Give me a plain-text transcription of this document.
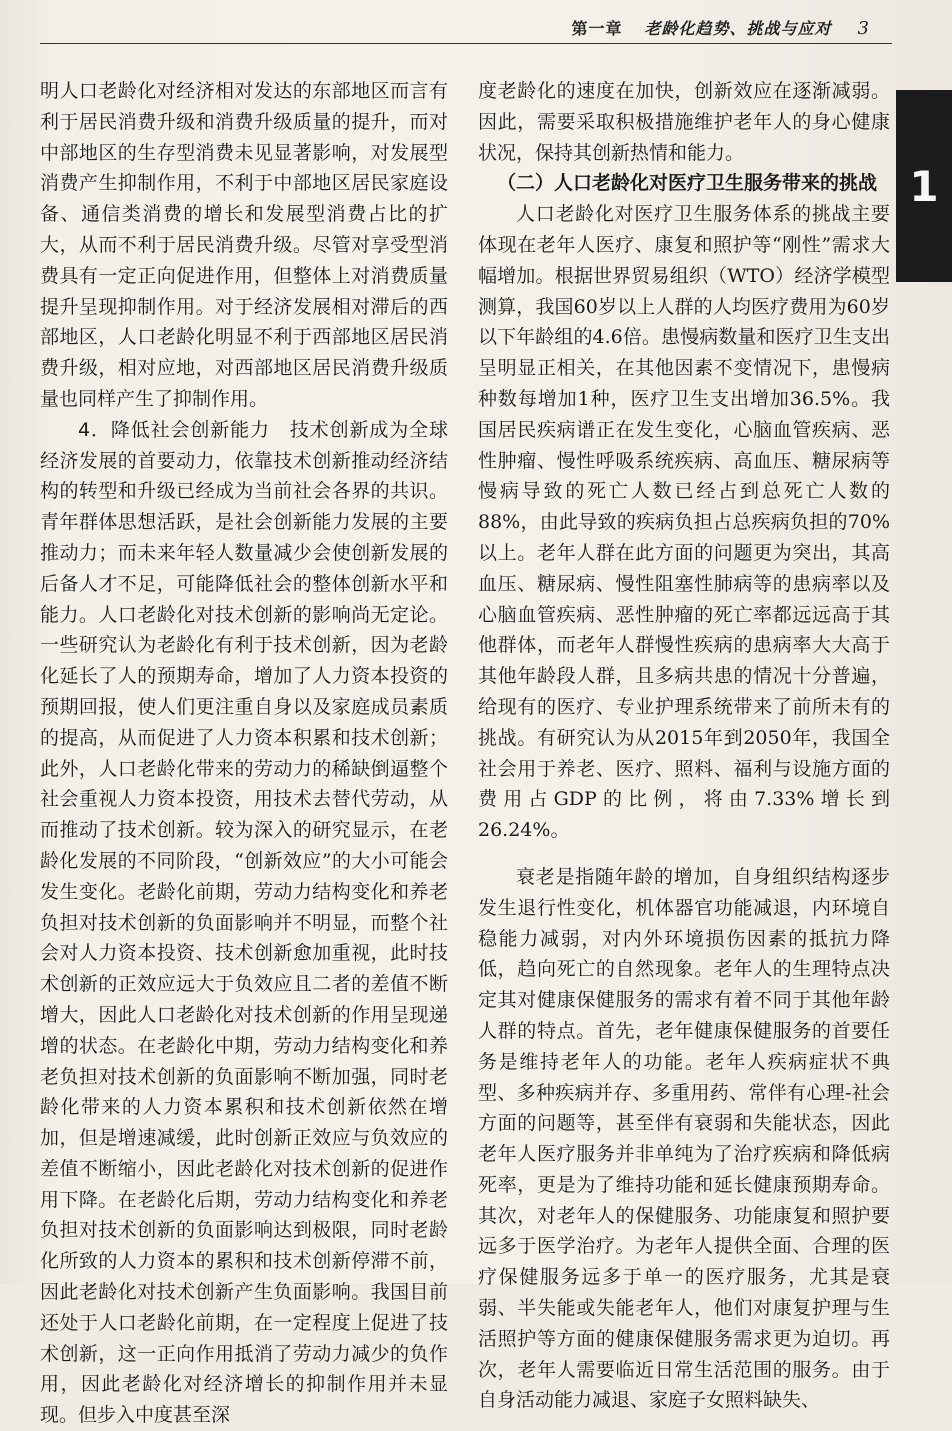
第一章 老龄化趋势、挑战与应对 3
1

明人口老龄化对经济相对发达的东部地区而言有利于居民消费升级和消费升级质量的提升，而对中部地区的生存型消费未见显著影响，对发展型消费产生抑制作用，不利于中部地区居民家庭设备、通信类消费的增长和发展型消费占比的扩大，从而不利于居民消费升级。尽管对享受型消费具有一定正向促进作用，但整体上对消费质量提升呈现抑制作用。对于经济发展相对滞后的西部地区，人口老龄化明显不利于西部地区居民消费升级，相对应地，对西部地区居民消费升级质量也同样产生了抑制作用。

4．降低社会创新能力　 技术创新成为全球经济发展的首要动力，依靠技术创新推动经济结构的转型和升级已经成为当前社会各界的共识。青年群体思想活跃，是社会创新能力发展的主要推动力；而未来年轻人数量减少会使创新发展的后备人才不足，可能降低社会的整体创新水平和能力。人口老龄化对技术创新的影响尚无定论。一些研究认为老龄化有利于技术创新，因为老龄化延长了人的预期寿命，增加了人力资本投资的预期回报，使人们更注重自身以及家庭成员素质的提高，从而促进了人力资本积累和技术创新；此外，人口老龄化带来的劳动力的稀缺倒逼整个社会重视人力资本投资，用技术去替代劳动，从而推动了技术创新。较为深入的研究显示，在老龄化发展的不同阶段，“创新效应”的大小可能会发生变化。老龄化前期，劳动力结构变化和养老负担对技术创新的负面影响并不明显，而整个社会对人力资本投资、技术创新愈加重视，此时技术创新的正效应远大于负效应且二者的差值不断增大，因此人口老龄化对技术创新的作用呈现递增的状态。在老龄化中期，劳动力结构变化和养老负担对技术创新的负面影响不断加强，同时老龄化带来的人力资本累积和技术创新依然在增加，但是增速减缓，此时创新正效应与负效应的差值不断缩小，因此老龄化对技术创新的促进作用下降。在老龄化后期，劳动力结构变化和养老负担对技术创新的负面影响达到极限，同时老龄化所致的人力资本的累积和技术创新停滞不前，因此老龄化对技术创新产生负面影响。我国目前还处于人口老龄化前期，在一定程度上促进了技术创新，这一正向作用抵消了劳动力减少的负作用，因此老龄化对经济增长的抑制作用并未显现。但步入中度甚至深

度老龄化的速度在加快，创新效应在逐渐减弱。因此，需要采取积极措施维护老年人的身心健康状况，保持其创新热情和能力。

（二）人口老龄化对医疗卫生服务带来的挑战

人口老龄化对医疗卫生服务体系的挑战主要体现在老年人医疗、康复和照护等“刚性”需求大幅增加。根据世界贸易组织（WTO）经济学模型测算，我国60岁以上人群的人均医疗费用为60岁以下年龄组的4.6倍。患慢病数量和医疗卫生支出呈明显正相关，在其他因素不变情况下，患慢病种数每增加1种，医疗卫生支出增加36.5%。我国居民疾病谱正在发生变化，心脑血管疾病、恶性肿瘤、慢性呼吸系统疾病、高血压、糖尿病等慢病导致的死亡人数已经占到总死亡人数的88%，由此导致的疾病负担占总疾病负担的70%以上。老年人群在此方面的问题更为突出，其高血压、糖尿病、慢性阻塞性肺病等的患病率以及心脑血管疾病、恶性肿瘤的死亡率都远远高于其他群体，而老年人群慢性疾病的患病率大大高于其他年龄段人群，且多病共患的情况十分普遍，给现有的医疗、专业护理系统带来了前所未有的挑战。有研究认为从2015年到2050年，我国全社会用于养老、医疗、照料、福利与设施方面的费用占GDP的比例，将由7.33%增长到26.24%。

衰老是指随年龄的增加，自身组织结构逐步发生退行性变化，机体器官功能减退，内环境自稳能力减弱，对内外环境损伤因素的抵抗力降低，趋向死亡的自然现象。老年人的生理特点决定其对健康保健服务的需求有着不同于其他年龄人群的特点。首先，老年健康保健服务的首要任务是维持老年人的功能。老年人疾病症状不典型、多种疾病并存、多重用药、常伴有心理-社会方面的问题等，甚至伴有衰弱和失能状态，因此老年人医疗服务并非单纯为了治疗疾病和降低病死率，更是为了维持功能和延长健康预期寿命。其次，对老年人的保健服务、功能康复和照护要远多于医学治疗。为老年人提供全面、合理的医疗保健服务远多于单一的医疗服务，尤其是衰弱、半失能或失能老年人，他们对康复护理与生活照护等方面的健康保健服务需求更为迫切。再次，老年人需要临近日常生活范围的服务。由于自身活动能力减退、家庭子女照料缺失、
